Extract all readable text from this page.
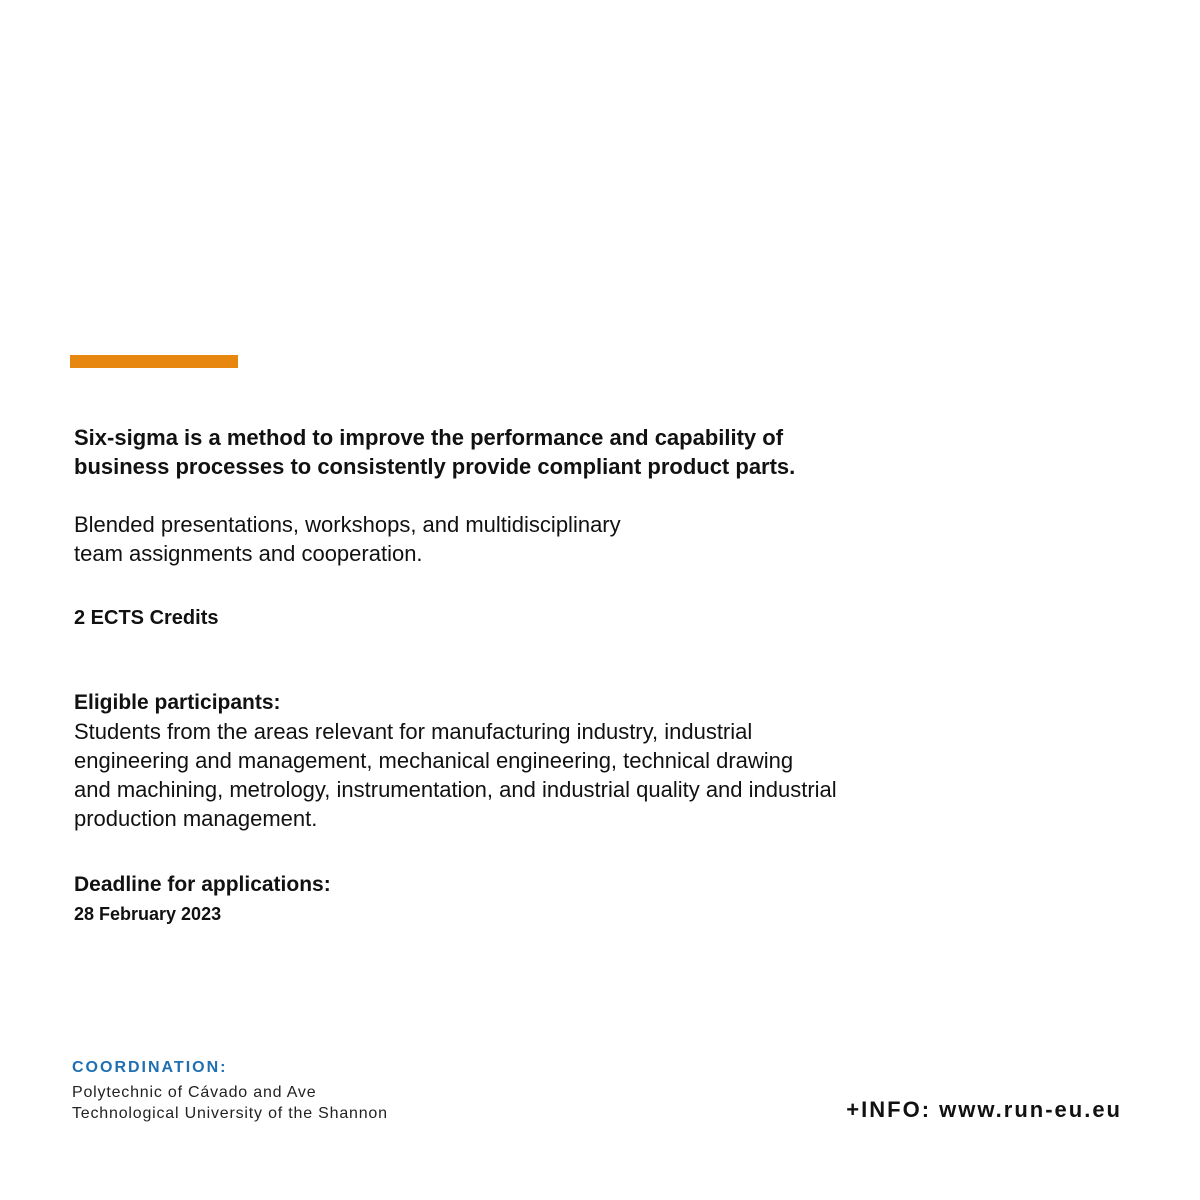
Six-sigma is a method to improve the performance and capability of
business processes to consistently provide compliant product parts.

Blended presentations, workshops, and multidisciplinary
team assignments and cooperation.

2 ECTS Credits

Eligible participants:

Students from the areas relevant for manufacturing industry, industrial
engineering and management, mechanical engineering, technical drawing
and machining, metrology, instrumentation, and industrial quality and industrial
production management.

Deadline for applications:

28 February 2023

COORDINATION:

Polytechnic of Cávado and Ave
Technological University of the Shannon	+INFO: www.run-eu.eu
